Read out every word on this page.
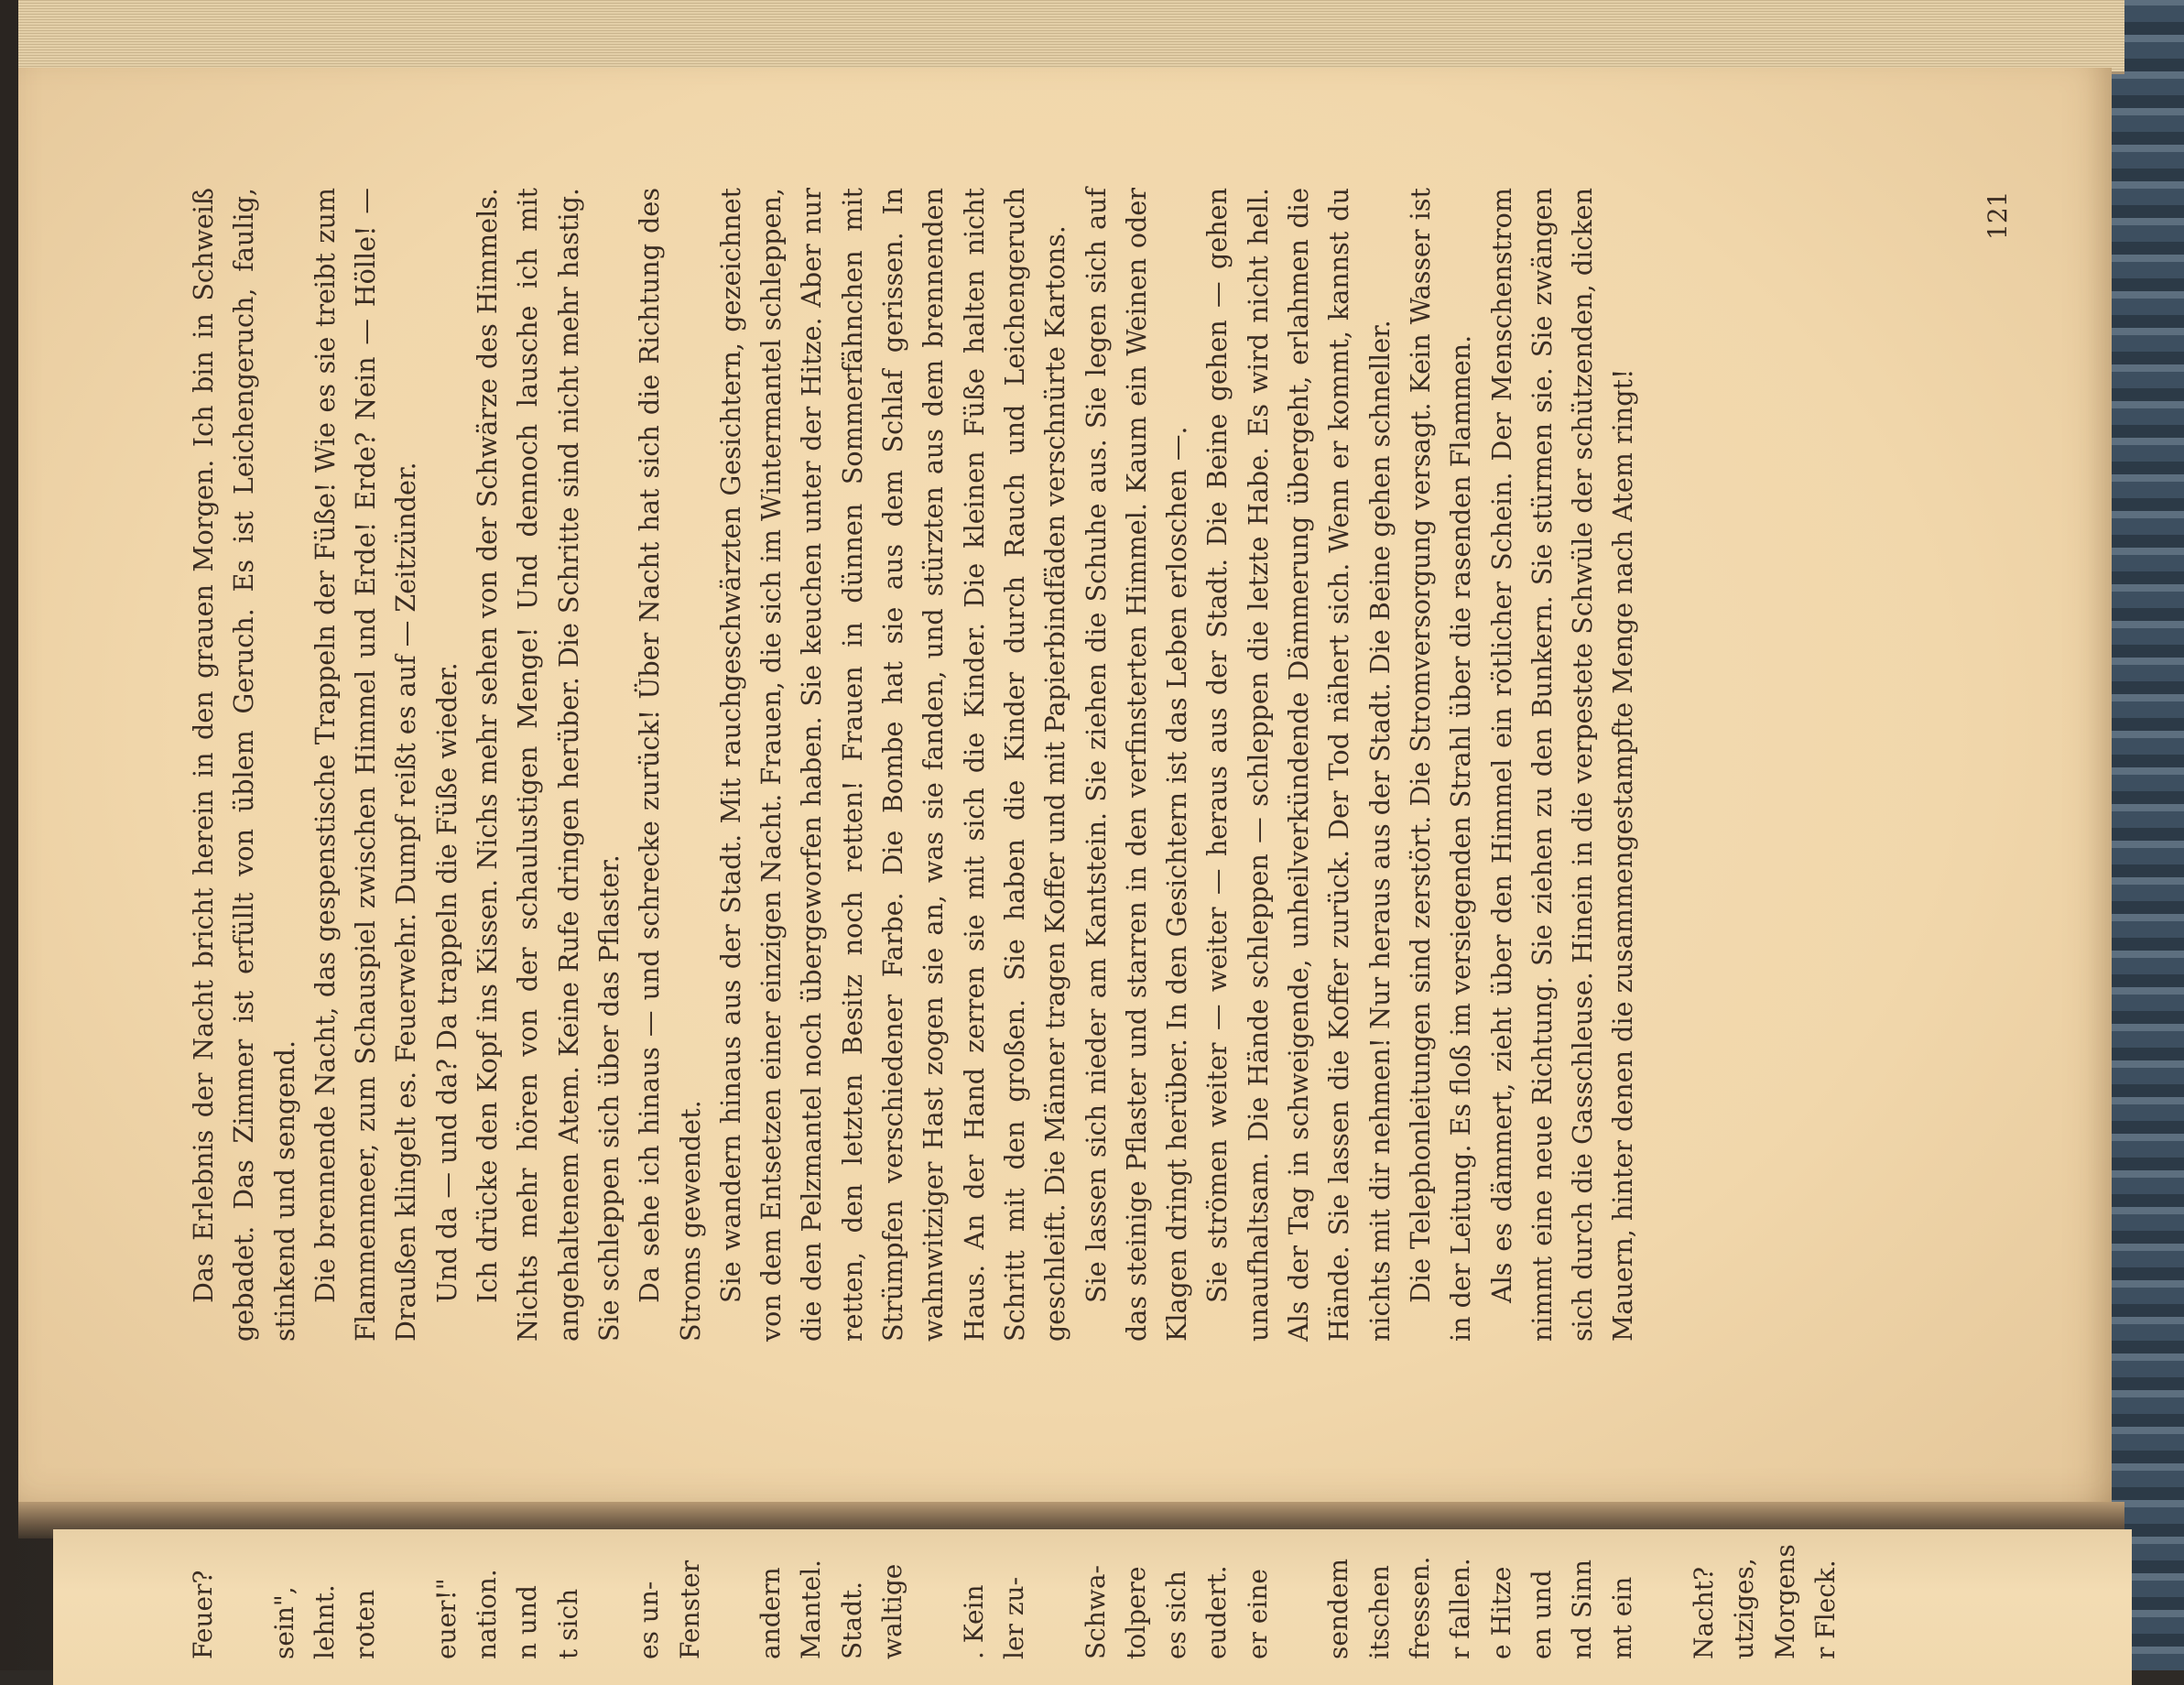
Das Erlebnis der Nacht bricht herein in den grauen Morgen. Ich bin in Schweiß gebadet. Das Zimmer ist erfüllt von üblem Geruch. Es ist Leichengeruch, faulig, stinkend und sengend. Die brennende Nacht, das gespenstische Trappeln der Füße! Wie es sie treibt zum Flammenmeer, zum Schauspiel zwischen Himmel und Erde! Erde? Nein — Hölle! — Draußen klingelt es. Feuerwehr. Dumpf reißt es auf — Zeitzünder. Und da — und da? Da trappeln die Füße wieder. Ich drücke den Kopf ins Kissen. Nichs mehr sehen von der Schwärze des Himmels. Nichts mehr hören von der schaulustigen Menge! Und dennoch lausche ich mit angehaltenem Atem. Keine Rufe dringen herüber. Die Schritte sind nicht mehr hastig. Sie schleppen sich über das Pflaster. Da sehe ich hinaus — und schrecke zurück! Über Nacht hat sich die Richtung des Stroms gewendet. Sie wandern hinaus aus der Stadt. Mit rauchgeschwärzten Gesichtern, gezeichnet von dem Entsetzen einer einzigen Nacht. Frauen, die sich im Wintermantel schleppen, die den Pelzmantel noch übergeworfen haben. Sie keuchen unter der Hitze. Aber nur retten, den letzten Besitz noch retten! Frauen in dünnen Sommerfähnchen mit Strümpfen verschiedener Farbe. Die Bombe hat sie aus dem Schlaf gerissen. In wahnwitziger Hast zogen sie an, was sie fanden, und stürzten aus dem brennenden Haus. An der Hand zerren sie mit sich die Kinder. Die kleinen Füße halten nicht Schritt mit den großen. Sie haben die Kinder durch Rauch und Leichengeruch geschleift. Die Männer tragen Koffer und mit Papierbindfäden verschnürte Kartons. Sie lassen sich nieder am Kantstein. Sie ziehen die Schuhe aus. Sie legen sich auf das steinige Pflaster und starren in den verfinsterten Himmel. Kaum ein Weinen oder Klagen dringt herüber. In den Gesichtern ist das Leben erloschen —. Sie strömen weiter — weiter — heraus aus der Stadt. Die Beine gehen — gehen unaufhaltsam. Die Hände schleppen — schleppen die letzte Habe. Es wird nicht hell. Als der Tag in schweigende, unheilverkündende Dämmerung übergeht, erlahmen die Hände. Sie lassen die Koffer zurück. Der Tod nähert sich. Wenn er kommt, kannst du nichts mit dir nehmen! Nur heraus aus der Stadt. Die Beine gehen schneller. Die Telephonleitungen sind zerstört. Die Stromversorgung versagt. Kein Wasser ist in der Leitung. Es floß im versiegenden Strahl über die rasenden Flammen. Als es dämmert, zieht über den Himmel ein rötlicher Schein. Der Menschenstrom nimmt eine neue Richtung. Sie ziehen zu den Bunkern. Sie stürmen sie. Sie zwängen sich durch die Gasschleuse. Hinein in die verpestete Schwüle der schützenden, dicken Mauern, hinter denen die zusammengestampfte Menge nach Atem ringt!

121
Feuer? sein", lehnt. roten euer!" nation. n und t sich es un- Fenster andern Mantel. Stadt. waltige . Kein ler zu- Schwa- tolpere es sich eudert. er eine sendem itschen fressen. r fallen. e Hitze en und nd Sinn mt ein Nacht? utziges, Morgens r Fleck.
